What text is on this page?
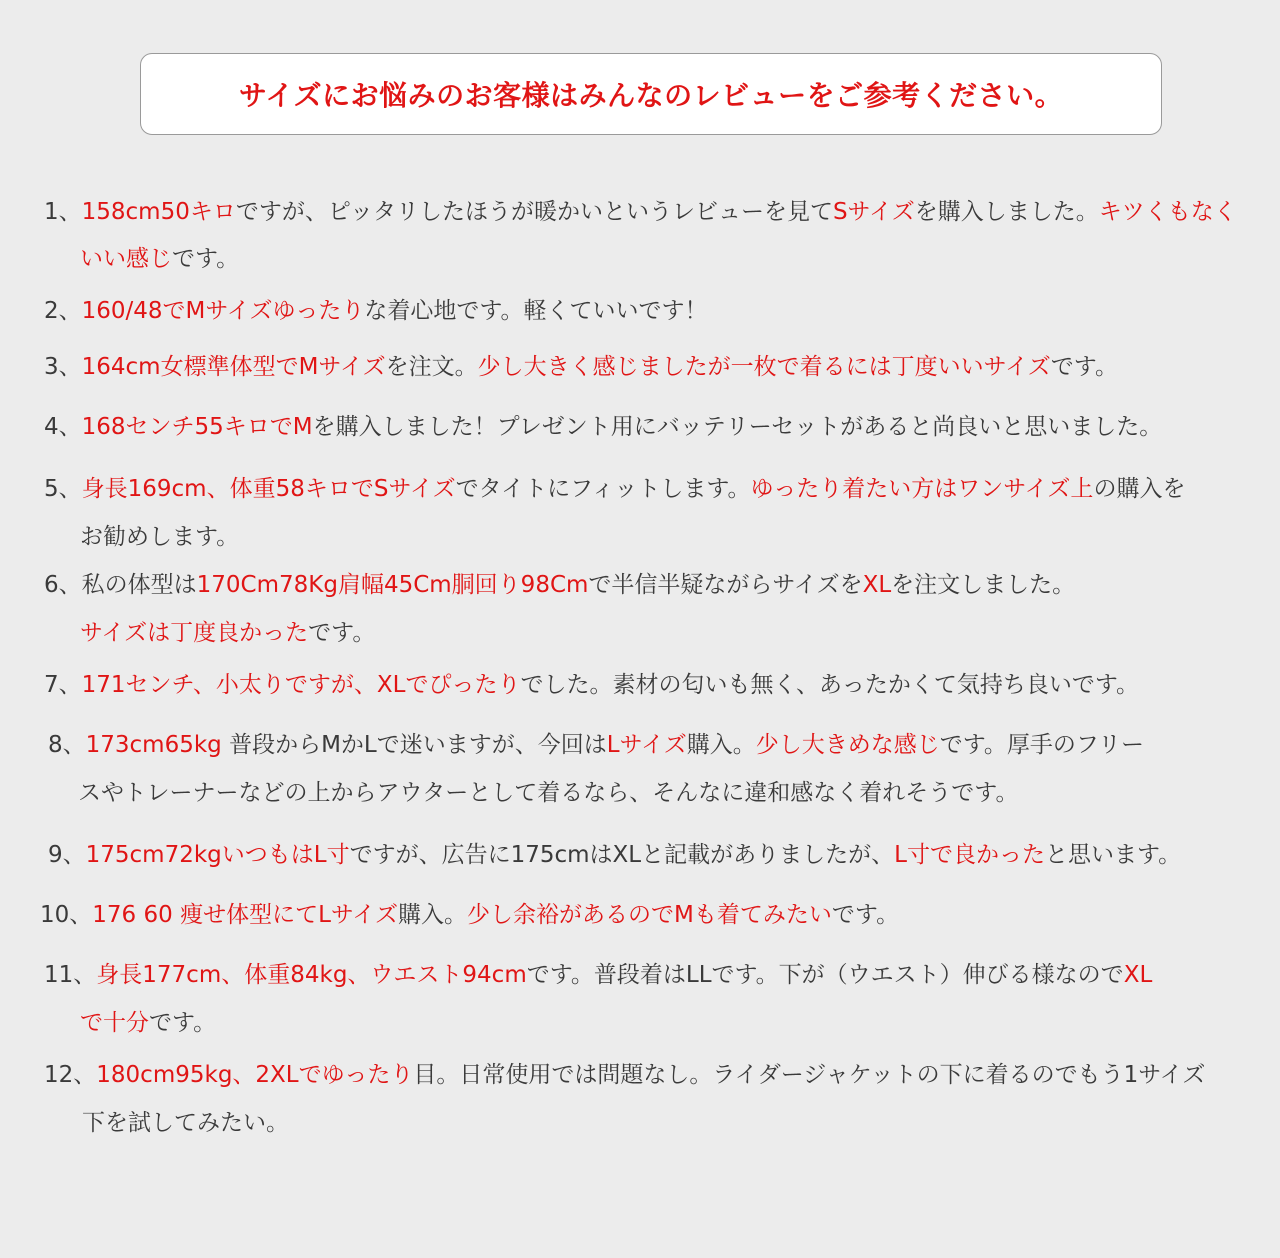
サイズにお悩みのお客様はみんなのレビューをご参考ください。
1、158cm50キロですが、ピッタリしたほうが暖かいというレビューを見てSサイズを購入しました。キツくもなく
いい感じです。
2、160/48でMサイズゆったりな着心地です。軽くていいです！
3、164cm女標準体型でMサイズを注文。少し大きく感じましたが一枚で着るには丁度いいサイズです。
4、168センチ55キロでMを購入しました！プレゼント用にバッテリーセットがあると尚良いと思いました。
5、身長169cm、体重58キロでSサイズでタイトにフィットします。ゆったり着たい方はワンサイズ上の購入を
お勧めします。
6、私の体型は170Cm78Kg肩幅45Cm胴回り98Cmで半信半疑ながらサイズをXLを注文しました。
サイズは丁度良かったです。
7、171センチ、小太りですが、XLでぴったりでした。素材の匂いも無く、あったかくて気持ち良いです。
8、173cm65kg 普段からMかLで迷いますが、今回はLサイズ購入。少し大きめな感じです。厚手のフリー
スやトレーナーなどの上からアウターとして着るなら、そんなに違和感なく着れそうです。
9、175cm72kgいつもはL寸ですが、広告に175cmはXLと記載がありましたが、L寸で良かったと思います。
10、176 60 痩せ体型にてLサイズ購入。少し余裕があるのでMも着てみたいです。
11、身長177cm、体重84kg、ウエスト94cmです。普段着はLLです。下が（ウエスト）伸びる様なのでXL
で十分です。
12、180cm95kg、2XLでゆったり目。日常使用では問題なし。ライダージャケットの下に着るのでもう1サイズ
下を試してみたい。
